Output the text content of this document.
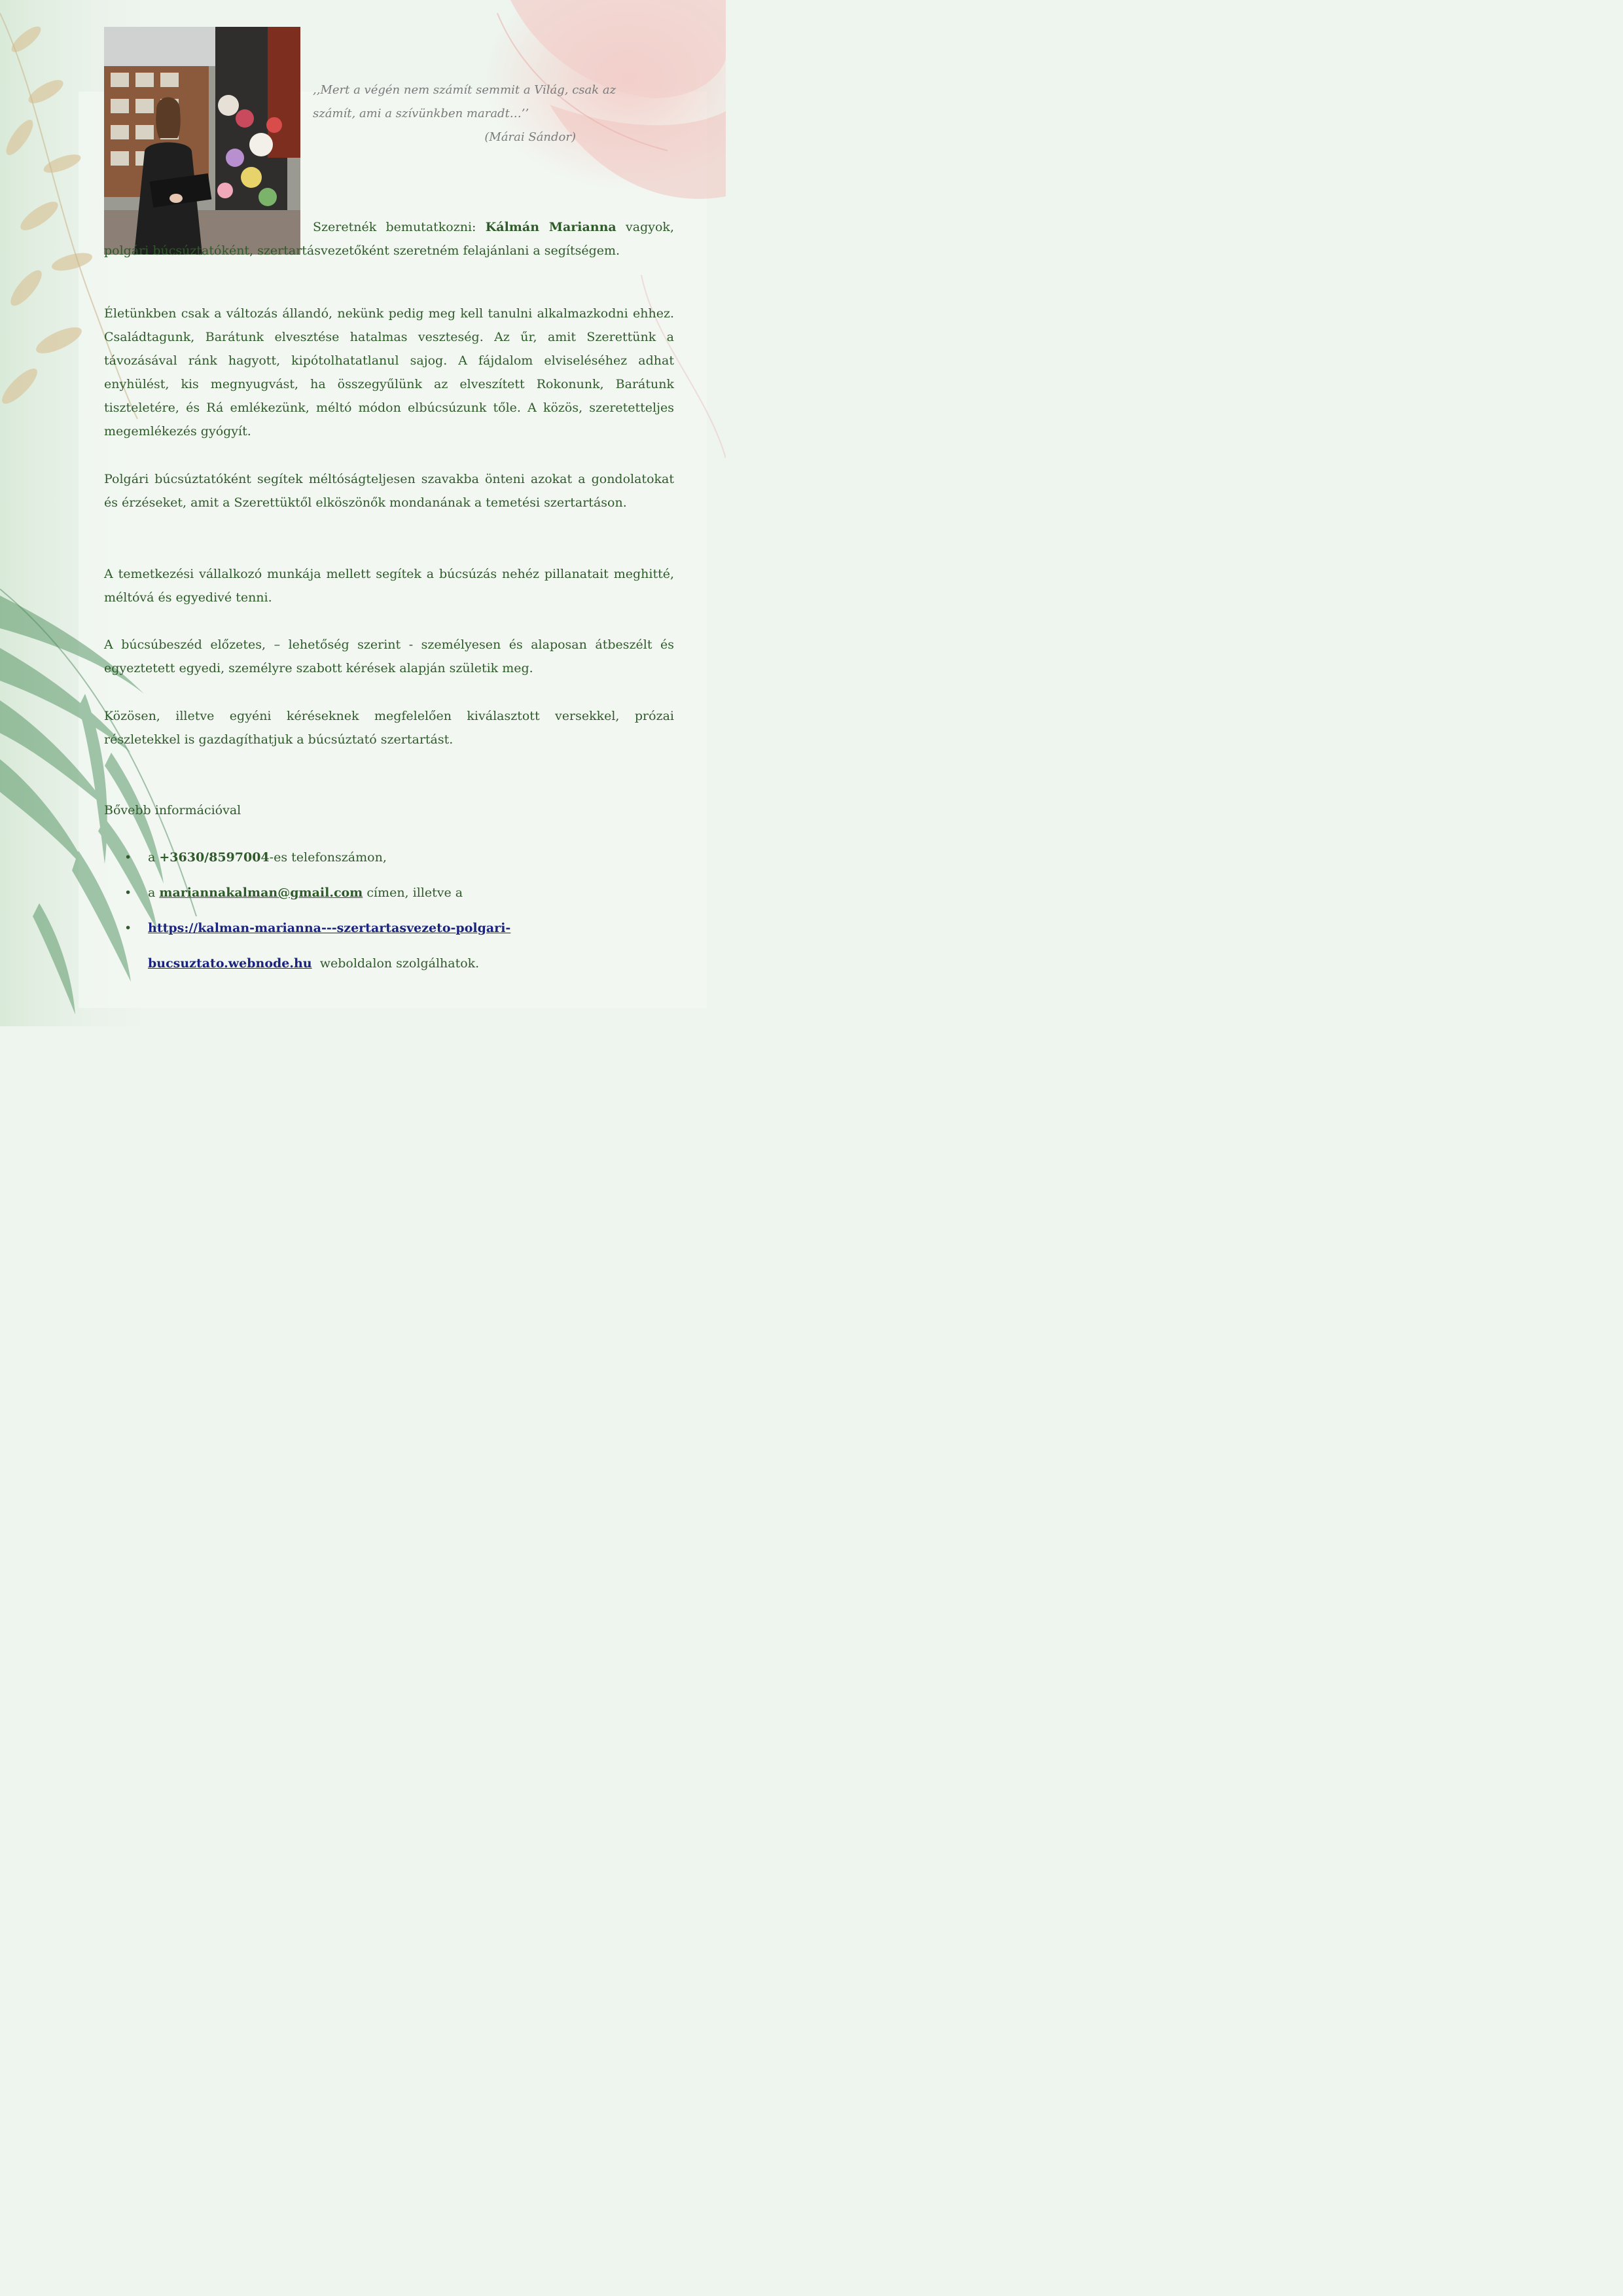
,,Mert a végén nem számít semmit a Világ, csak az
számít, ami a szívünkben maradt…’’

(Márai Sándor)

Szeretnék bemutatkozni: Kálmán Marianna vagyok, polgári búcsúztatóként, szertartásvezetőként szeretném felajánlani a segítségem.

Életünkben csak a változás állandó, nekünk pedig meg kell tanulni alkalmazkodni ehhez. Családtagunk, Barátunk elvesztése hatalmas veszteség. Az űr, amit Szerettünk a távozásával ránk hagyott, kipótolhatatlanul sajog. A fájdalom elviseléséhez adhat enyhülést, kis megnyugvást, ha összegyűlünk az elveszített Rokonunk, Barátunk tiszteletére, és Rá emlékezünk, méltó módon elbúcsúzunk tőle. A közös, szeretetteljes megemlékezés gyógyít.

Polgári búcsúztatóként segítek méltóságteljesen szavakba önteni azokat a gondolatokat és érzéseket, amit a Szerettüktől elköszönők mondanának a temetési szertartáson.

A temetkezési vállalkozó munkája mellett segítek a búcsúzás nehéz pillanatait meghitté, méltóvá és egyedivé tenni.

A búcsúbeszéd előzetes, – lehetőség szerint - személyesen és alaposan átbeszélt és egyeztetett egyedi, személyre szabott kérések alapján születik meg.

Közösen, illetve egyéni kéréseknek megfelelően kiválasztott versekkel, prózai részletekkel is gazdagíthatjuk a búcsúztató szertartást.

Bővebb információval
• a +3630/8597004-es telefonszámon,
• a mariannakalman@gmail.com címen, illetve a
• https://kalman-marianna---szertartasvezeto-polgari-
bucsuztato.webnode.hu  weboldalon szolgálhatok.
